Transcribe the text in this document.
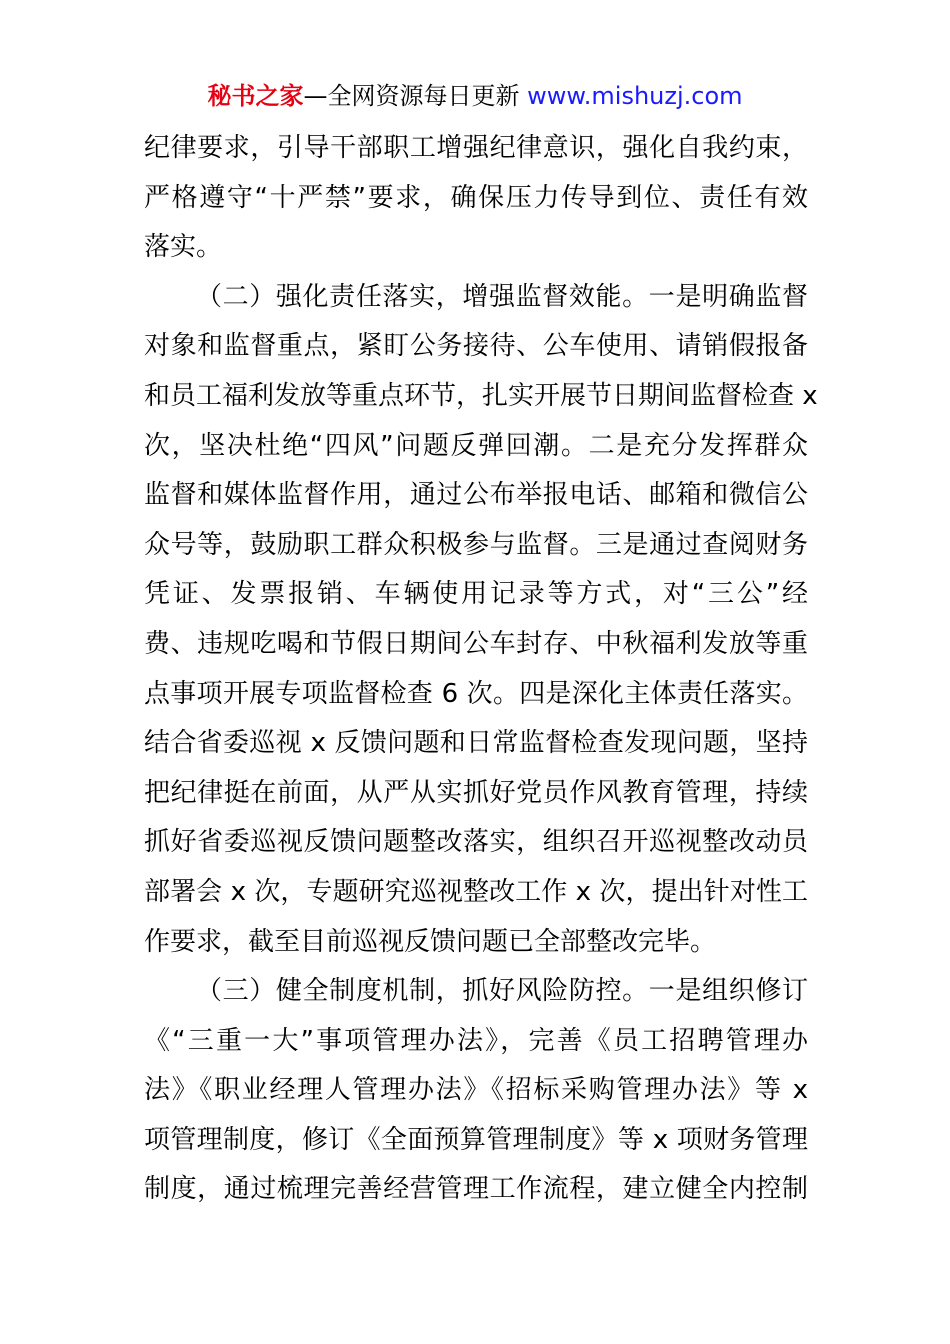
秘书之家—全网资源每日更新 www.mishuzj.com
纪律要求，引导干部职工增强纪律意识，强化自我约束，
严格遵守“十严禁”要求，确保压力传导到位、责任有效
落实。
（二）强化责任落实，增强监督效能。一是明确监督
对象和监督重点，紧盯公务接待、公车使用、请销假报备
和员工福利发放等重点环节，扎实开展节日期间监督检查 x
次，坚决杜绝“四风”问题反弹回潮。二是充分发挥群众
监督和媒体监督作用，通过公布举报电话、邮箱和微信公
众号等，鼓励职工群众积极参与监督。三是通过查阅财务
凭证、发票报销、车辆使用记录等方式，对“三公”经
费、违规吃喝和节假日期间公车封存、中秋福利发放等重
点事项开展专项监督检查 6 次。四是深化主体责任落实。
结合省委巡视 x 反馈问题和日常监督检查发现问题，坚持
把纪律挺在前面，从严从实抓好党员作风教育管理，持续
抓好省委巡视反馈问题整改落实，组织召开巡视整改动员
部署会 x 次，专题研究巡视整改工作 x 次，提出针对性工
作要求，截至目前巡视反馈问题已全部整改完毕。
（三）健全制度机制，抓好风险防控。一是组织修订
《“三重一大”事项管理办法》，完善《员工招聘管理办
法》《职业经理人管理办法》《招标采购管理办法》等 x
项管理制度，修订《全面预算管理制度》等 x 项财务管理
制度，通过梳理完善经营管理工作流程，建立健全内控制
